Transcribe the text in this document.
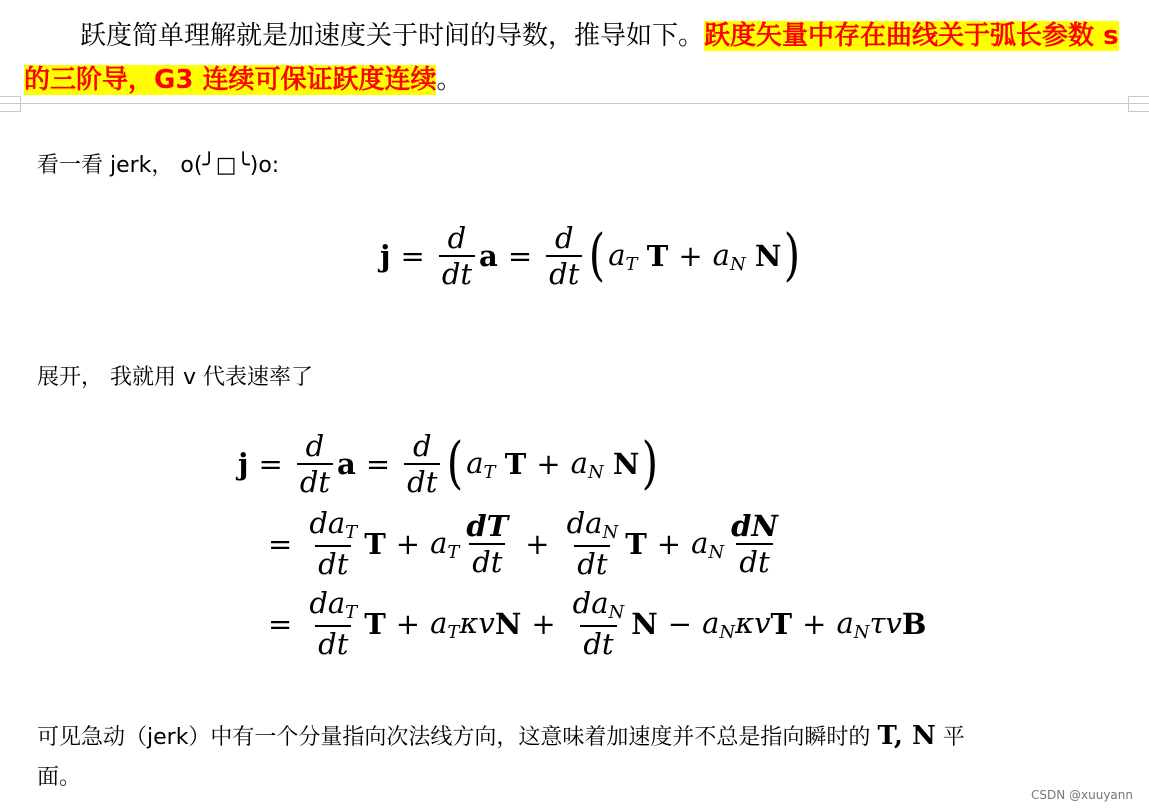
跃度简单理解就是加速度关于时间的导数，推导如下。跃度矢量中存在曲线关于弧长参数 s 的三阶导，G3 连续可保证跃度连续。
看一看 jerk， o(╯□╰)o:
$j = \frac{d}{dt}$ $a = \frac{d}{dt}$ ( $a_T$
$T + a_N$
N )
展开， 我就用 v 代表速率了
$j = \frac{d}{dt}$ $a = \frac{d}{dt}$ ( $a_T$
$T + a_N$
N )
= $\frac{da_T}{dt}$ $T + a_T \frac{dT}{dt} + \frac{da_N}{dt}$ $T + a_N \frac{dN}{dt}$
= $\frac{da_T}{dt}$ $T + a_T\kappa v$ $N + \frac{da_N}{dt}$ $N - a_N\kappa v$ $T + a_N\tau v$ B
可见急动（jerk）中有一个分量指向次法线方向，这意味着加速度并不总是指向瞬时的 T, N 平
面。
CSDN @xuuyann
